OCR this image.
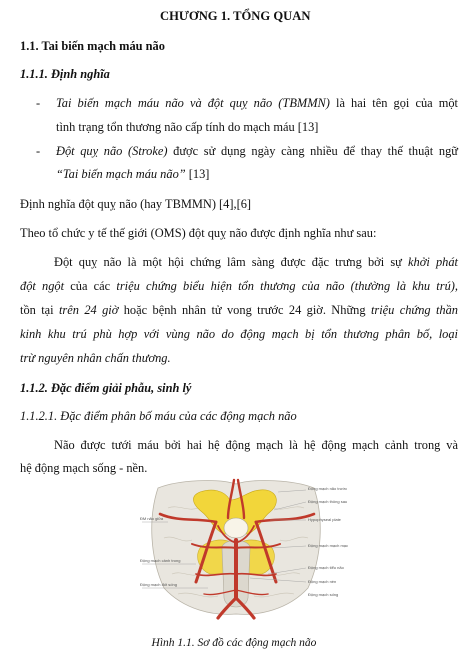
CHƯƠNG 1. TỔNG QUAN
1.1. Tai biến mạch máu não
1.1.1. Định nghĩa
- Tai biến mạch máu não và đột quỵ não (TBMMN) là hai tên gọi của một
tình trạng tổn thương não cấp tính do mạch máu [13]
- Đột quỵ não (Stroke) được sử dụng ngày càng nhiều để thay thế thuật ngữ
“Tai biến mạch máu não” [13]
Định nghĩa đột quỵ não (hay TBMMN) [4],[6]
Theo tổ chức y tế thế giới (OMS) đột quỵ não được định nghĩa như sau:
Đột quỵ não là một hội chứng lâm sàng được đặc trưng bởi sự khởi phát
đột ngột của các triệu chứng biểu hiện tổn thương của não (thường là khu trú),
tồn tại trên 24 giờ hoặc bệnh nhân tử vong trước 24 giờ. Những triệu chứng thần
kinh khu trú phù hợp với vùng não do động mạch bị tổn thương phân bố, loại
trừ nguyên nhân chấn thương.
1.1.2. Đặc điểm giải phẫu, sinh lý
1.1.2.1. Đặc điểm phân bố máu của các động mạch não
Não được tưới máu bởi hai hệ động mạch là hệ động mạch cảnh trong và
hệ động mạch sống - nền.
Động mạch não trước
Động mạch thông sau
Hypophyseal plate
Động mạch mạch mạc
Động mạch tiểu não
Động mạch nền
ĐM não giữa
Động mạch cảnh trong
Động mạch đốt sống
Động mạch sống
Hình 1.1. Sơ đồ các động mạch não
